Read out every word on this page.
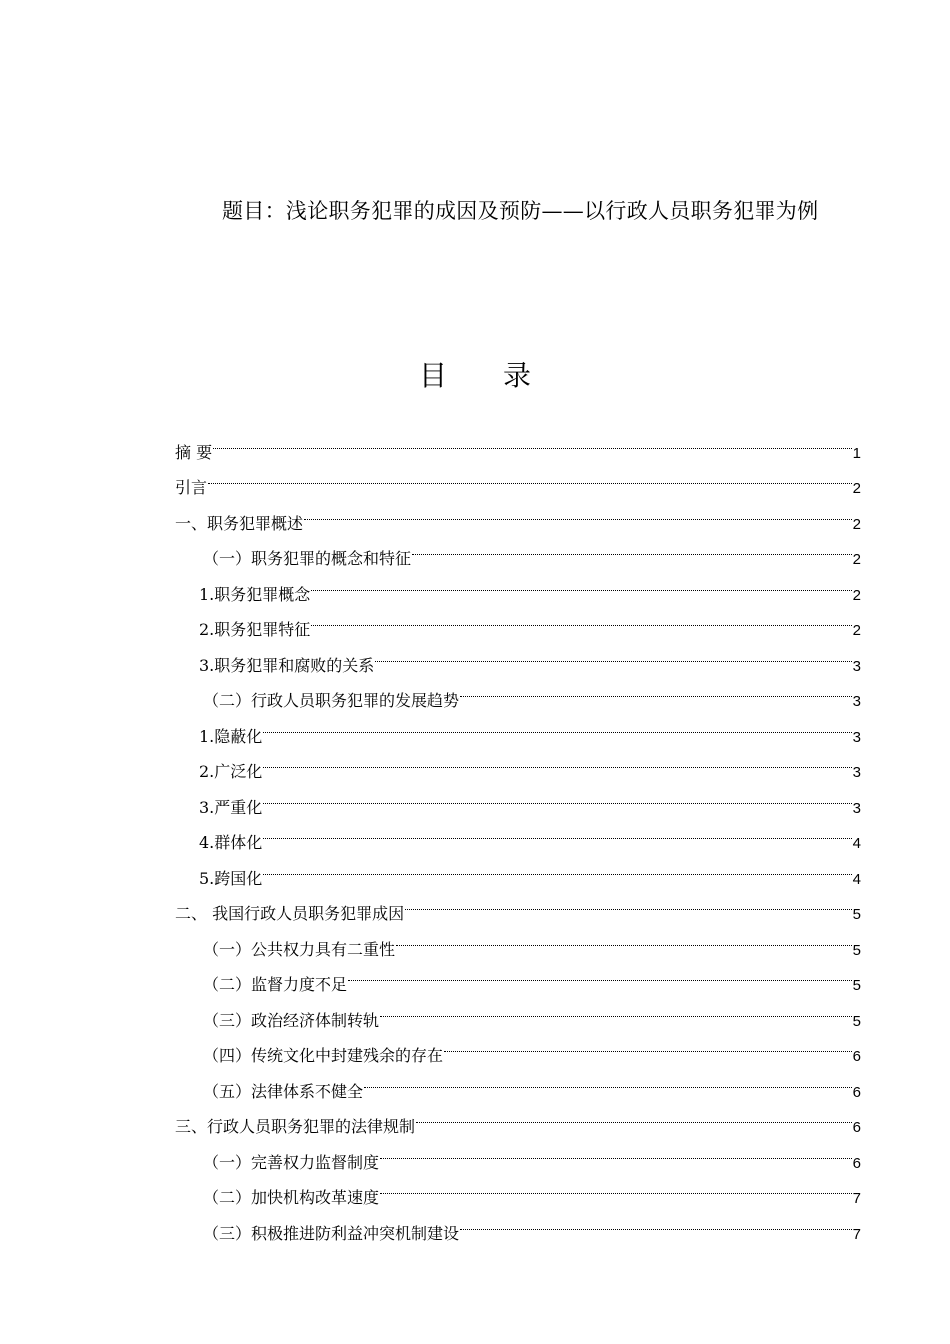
题目：浅论职务犯罪的成因及预防——以行政人员职务犯罪为例
目 录
摘 要	1
引言	2
一、职务犯罪概述	2
（一）职务犯罪的概念和特征	2
1.职务犯罪概念	2
2.职务犯罪特征	2
3.职务犯罪和腐败的关系	3
（二）行政人员职务犯罪的发展趋势	3
1.隐蔽化	3
2.广泛化	3
3.严重化	3
4.群体化	4
5.跨国化	4
二、 我国行政人员职务犯罪成因	5
（一）公共权力具有二重性	5
（二）监督力度不足	5
（三）政治经济体制转轨	5
（四）传统文化中封建残余的存在	6
（五）法律体系不健全	6
三、行政人员职务犯罪的法律规制	6
（一）完善权力监督制度	6
（二）加快机构改革速度	7
（三）积极推进防利益冲突机制建设	7
